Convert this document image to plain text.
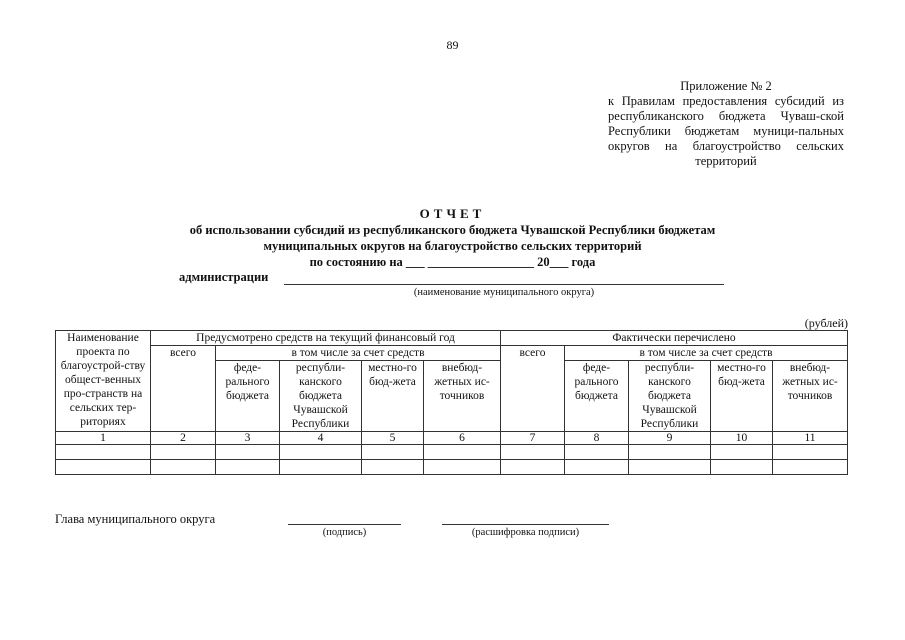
89
Приложение № 2
к Правилам предоставления субсидий из республиканского бюджета Чуваш-ской Республики бюджетам муници-пальных округов на благоустройство сельских территорий
ОТЧЕТ
об использовании субсидий из республиканского бюджета Чувашской Республики бюджетам
муниципальных округов на благоустройство сельских территорий
по состоянию на ___ _________________ 20___ года
администрации
(наименование муниципального округа)
(рублей)
Наименование проекта по благоустрой-ству общест-венных про-странств на сельских тер-риториях	Предусмотрено средств на текущий финансовый год					Фактически перечислено				
	всего	в том числе за счет средств				всего	в том числе за счет средств			
		феде-рального бюджета	республи-канского бюджета Чувашской Республики	местно-го бюд-жета	внебюд-жетных ис-точников		феде-рального бюджета	республи-канского бюджета Чувашской Республики	местно-го бюд-жета	внебюд-жетных ис-точников
1	2	3	4	5	6	7	8	9	10	11

Глава муниципального округа
(подпись)	(расшифровка подписи)
